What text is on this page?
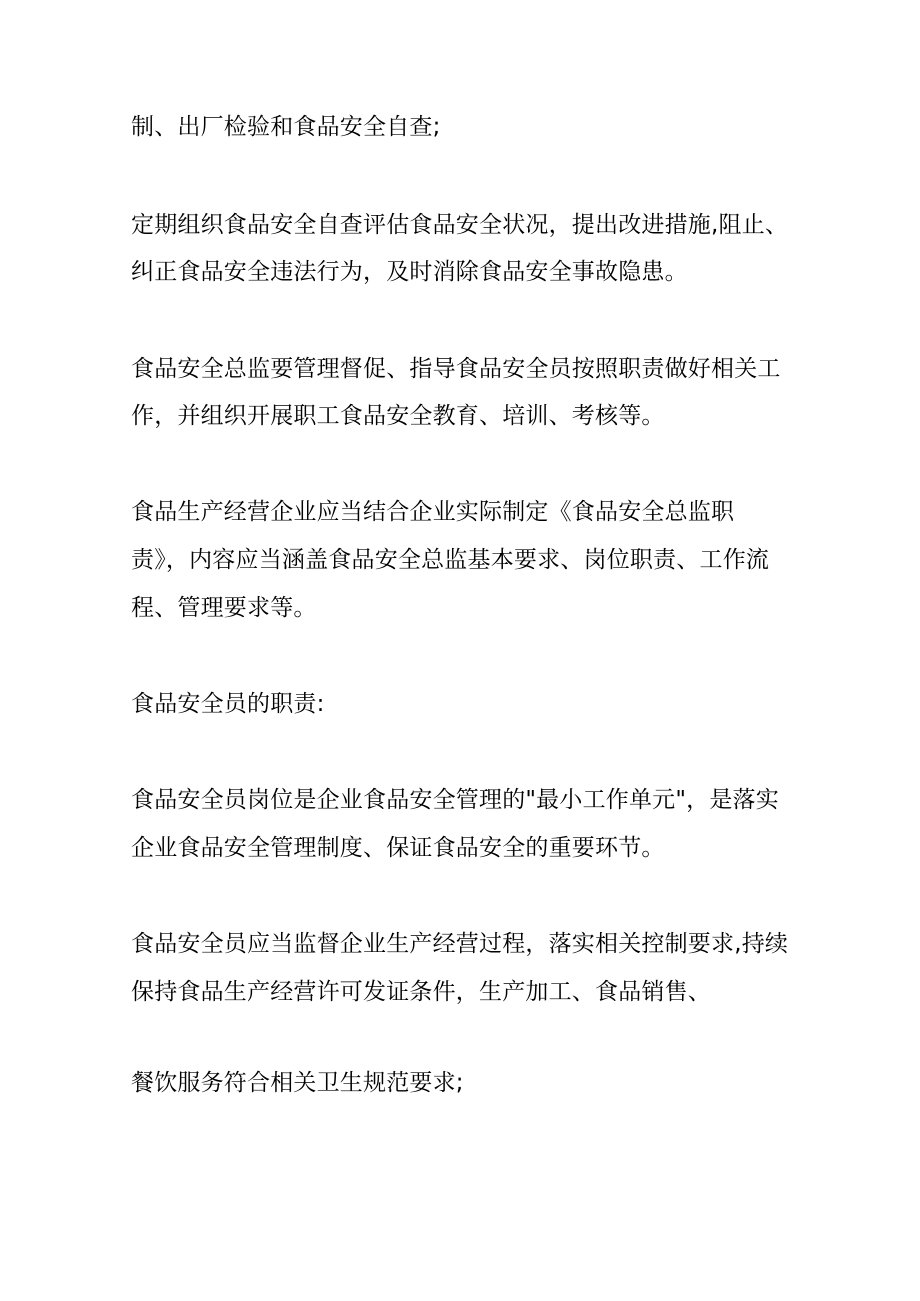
制、出厂检验和食品安全自查;
定期组织食品安全自查评估食品安全状况，提出改进措施,阻止、
纠正食品安全违法行为，及时消除食品安全事故隐患。
食品安全总监要管理督促、指导食品安全员按照职责做好相关工
作，并组织开展职工食品安全教育、培训、考核等。
食品生产经营企业应当结合企业实际制定《食品安全总监职
责》，内容应当涵盖食品安全总监基本要求、岗位职责、工作流
程、管理要求等。
食品安全员的职责:
食品安全员岗位是企业食品安全管理的"最小工作单元"，是落实
企业食品安全管理制度、保证食品安全的重要环节。
食品安全员应当监督企业生产经营过程，落实相关控制要求,持续
保持食品生产经营许可发证条件，生产加工、食品销售、
餐饮服务符合相关卫生规范要求;
